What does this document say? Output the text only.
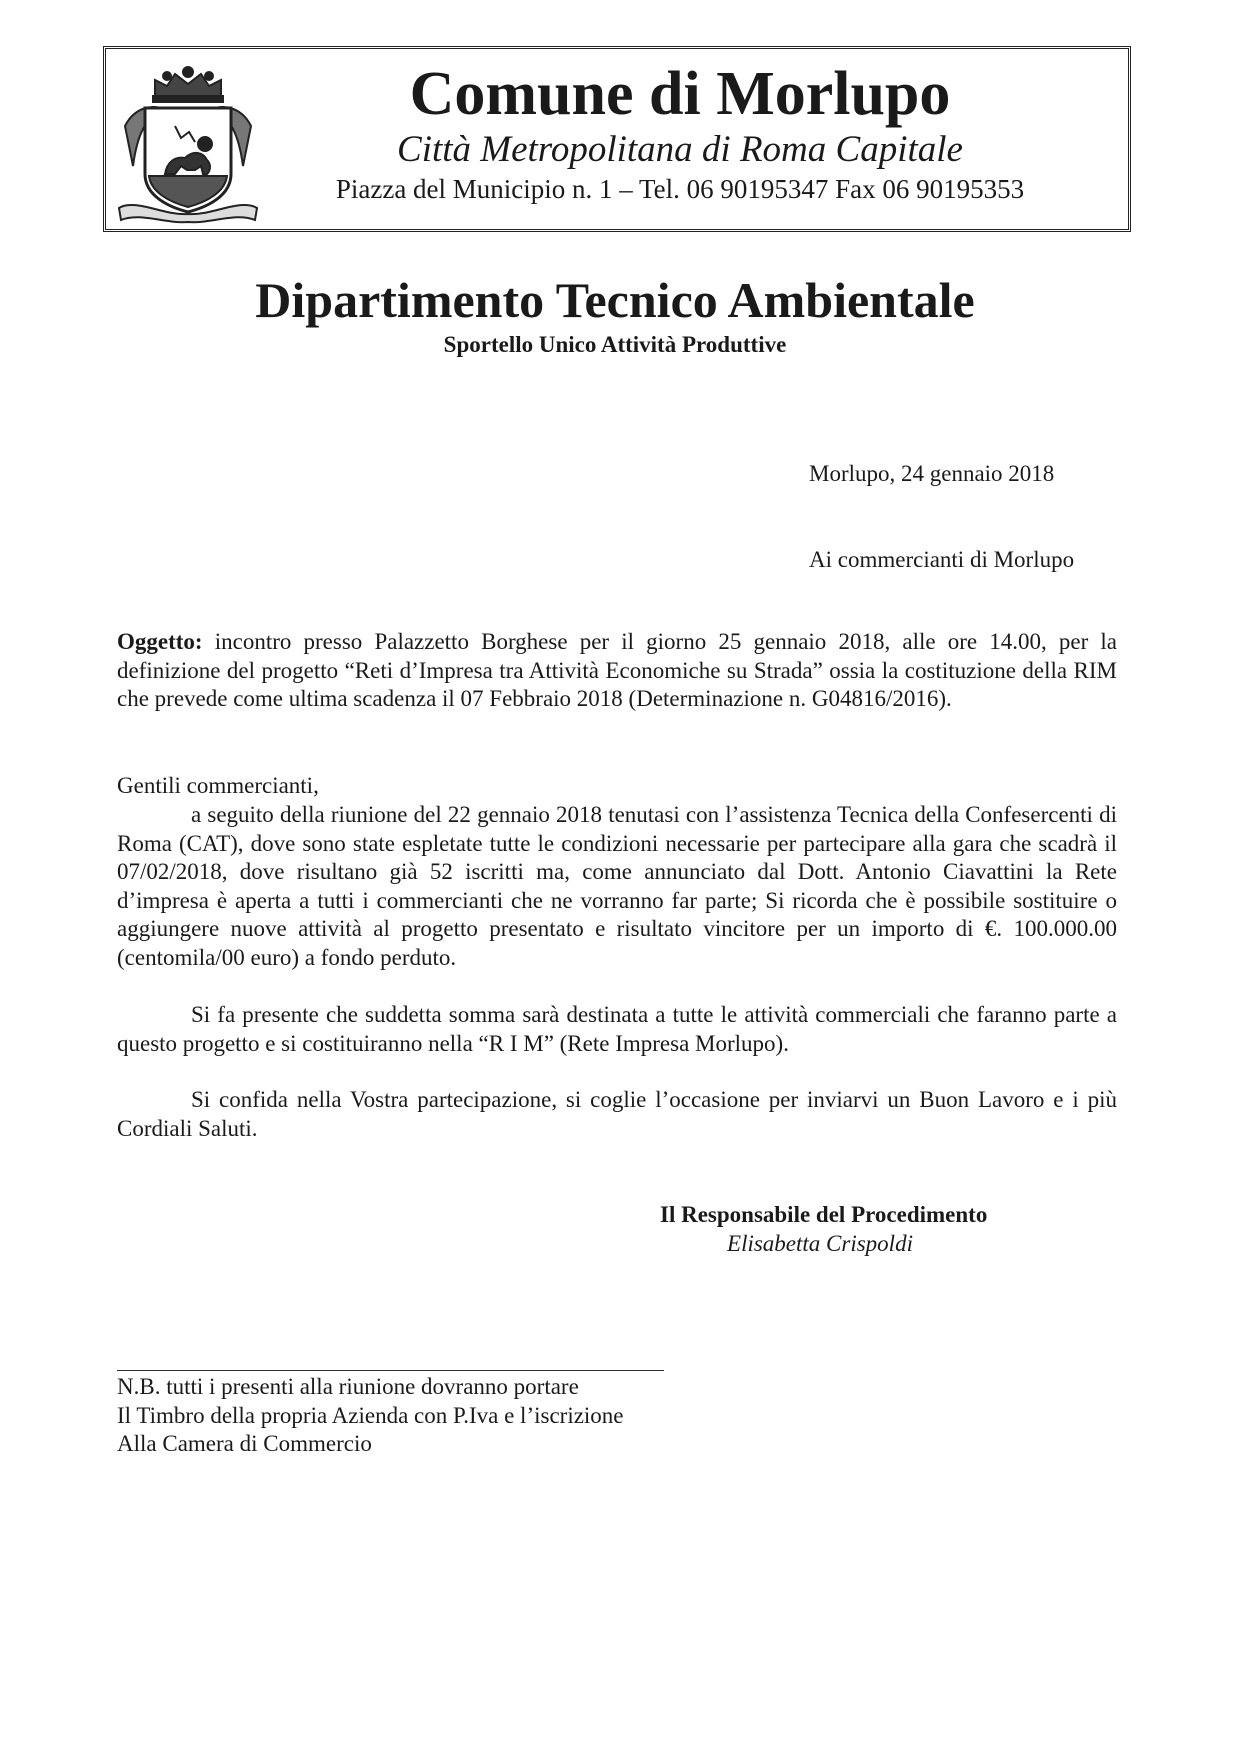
Comune di Morlupo
Città Metropolitana di Roma Capitale
Piazza del Municipio n. 1 – Tel. 06 90195347 Fax 06 90195353
Dipartimento Tecnico Ambientale
Sportello Unico Attività Produttive
Morlupo, 24 gennaio 2018
Ai commercianti di Morlupo
Oggetto: incontro presso Palazzetto Borghese per il giorno 25 gennaio 2018, alle ore 14.00, per la definizione del progetto “Reti d’Impresa tra Attività Economiche su Strada” ossia la costituzione della RIM che prevede come ultima scadenza il 07 Febbraio 2018 (Determinazione n. G04816/2016).
Gentili commercianti,
a seguito della riunione del 22 gennaio 2018 tenutasi con l’assistenza Tecnica della Confesercenti di Roma (CAT), dove sono state espletate tutte le condizioni necessarie per partecipare alla gara che scadrà il 07/02/2018, dove risultano già 52 iscritti ma, come annunciato dal Dott. Antonio Ciavattini la Rete d’impresa è aperta a tutti i commercianti che ne vorranno far parte; Si ricorda che è possibile sostituire o aggiungere nuove attività al progetto presentato e risultato vincitore per un importo di €. 100.000.00 (centomila/00 euro) a fondo perduto.
Si fa presente che suddetta somma sarà destinata a tutte le attività commerciali che faranno parte a questo progetto e si costituiranno nella “R I M” (Rete Impresa Morlupo).
Si confida nella Vostra partecipazione, si coglie l’occasione per inviarvi un Buon Lavoro e i più Cordiali Saluti.
Il Responsabile del Procedimento
Elisabetta Crispoldi
N.B. tutti i presenti alla riunione dovranno portare
Il Timbro della propria Azienda con P.Iva e l’iscrizione
Alla Camera di Commercio
